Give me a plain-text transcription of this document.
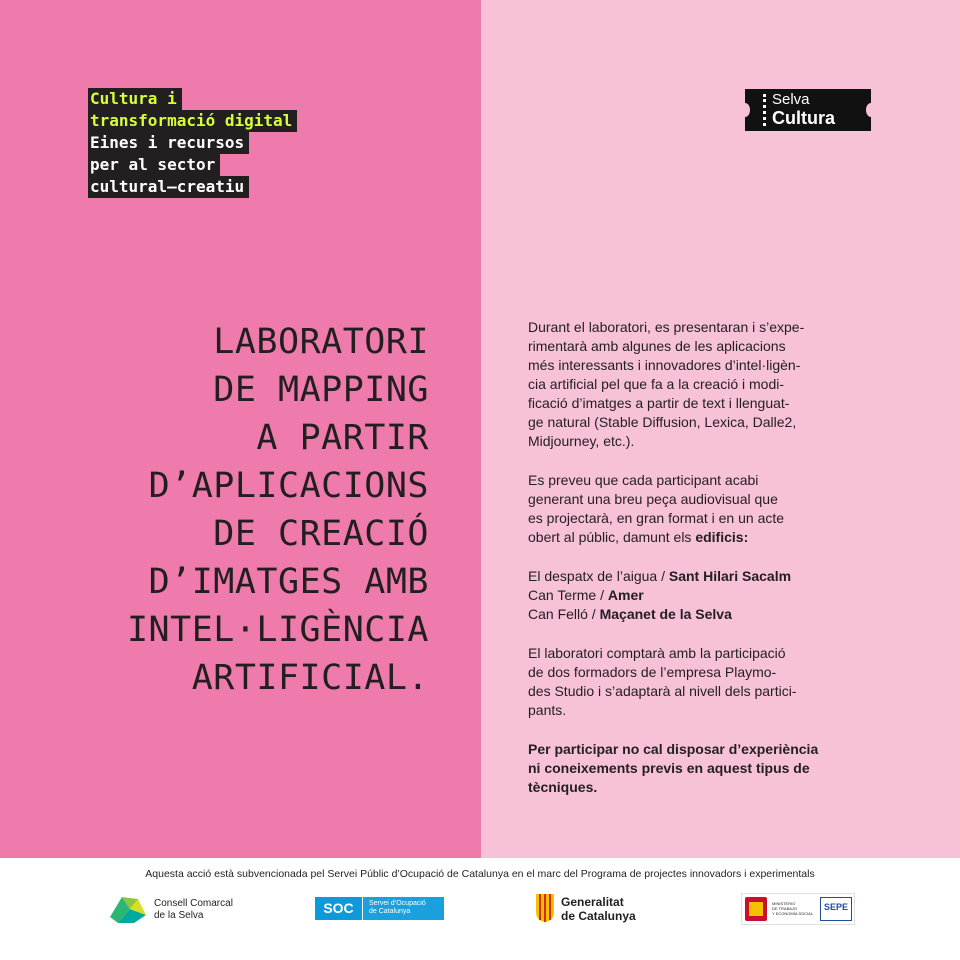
Cultura i
transformació digital
Eines i recursos
per al sector
cultural–creatiu
Selva
Cultura
LABORATORI
DE MAPPING
A PARTIR
D’APLICACIONS
DE CREACIÓ
D’IMATGES AMB
INTEL·LIGÈNCIA
ARTIFICIAL.

Durant el laboratori, es presentaran i s’expe-

rimentarà amb algunes de les aplicacions

més interessants i innovadores d’intel·ligèn-

cia artificial pel que fa a la creació i modi-

ficació d’imatges a partir de text i llenguat-

ge natural (Stable Diffusion, Lexica, Dalle2,

Midjourney, etc.).

Es preveu que cada participant acabi

generant una breu peça audiovisual que

es projectarà, en gran format i en un acte

obert al públic, damunt els edificis:

El despatx de l’aigua / Sant Hilari Sacalm

Can Terme / Amer

Can Felló / Maçanet de la Selva

El laboratori comptarà amb la participació

de dos formadors de l’empresa Playmo-

des Studio i s’adaptarà al nivell dels partici-

pants.

Per participar no cal disposar d’experiència

ni coneixements previs en aquest tipus de

tècniques.

Aquesta acció està subvencionada pel Servei Públic d’Ocupació de Catalunya en el marc del Programa de projectes innovadors i experimentals
Consell Comarcal
de la Selva	SOC	Servei d’Ocupació
de Catalunya
Generalitat
de Catalunya
MINISTERIO
DE TRABAJO
Y ECONOMÍA SOCIAL
SEPE
